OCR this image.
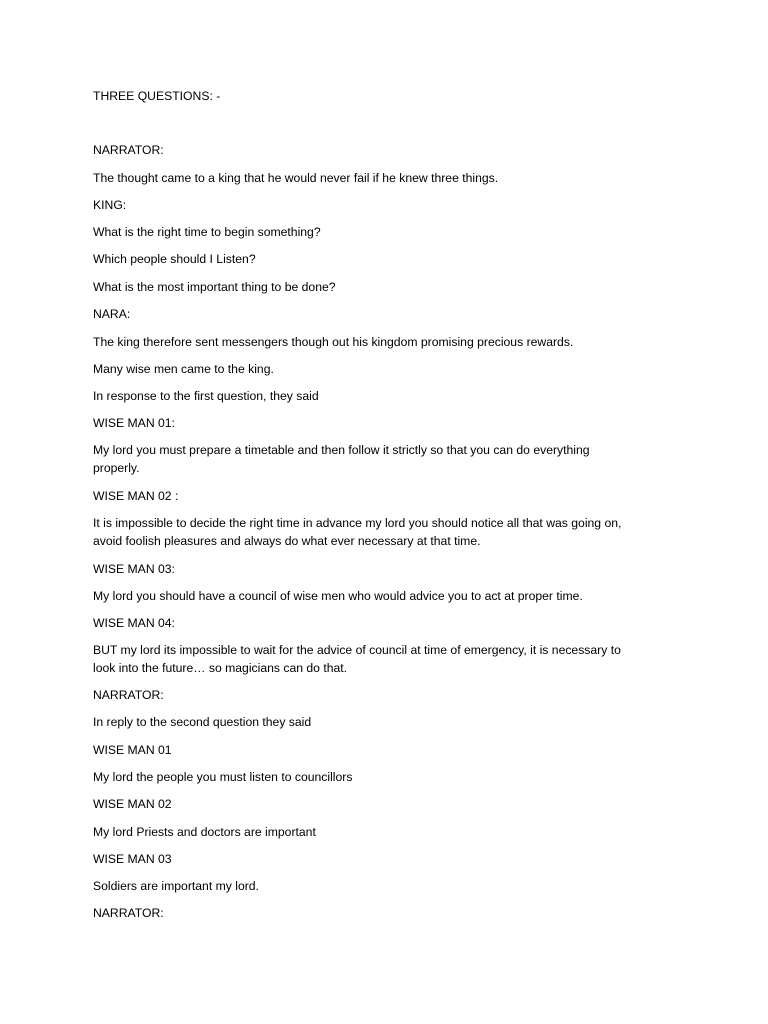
THREE QUESTIONS: -
NARRATOR:
The thought came to a king that he would never fail if he knew three things.
KING:
What is the right time to begin something?
Which people should I Listen?
What is the most important thing to be done?
NARA:
The king therefore sent messengers though out his kingdom promising precious rewards.
Many wise men came to the king.
In response to the first question, they said
WISE MAN 01:
My lord you must prepare a timetable and then follow it strictly so that you can do everything
properly.
WISE MAN 02 :
It is impossible to decide the right time in advance my lord you should notice all that was going on,
avoid foolish pleasures and always do what ever necessary at that time.
WISE MAN 03:
My lord you should have a council of wise men who would advice you to act at proper time.
WISE MAN 04:
BUT my lord its impossible to wait for the advice of council at time of emergency, it is necessary to
look into the future… so magicians can do that.
NARRATOR:
In reply to the second question they said
WISE MAN 01
My lord the people you must listen to councillors
WISE MAN 02
My lord Priests and doctors are important
WISE MAN 03
Soldiers are important my lord.
NARRATOR:
